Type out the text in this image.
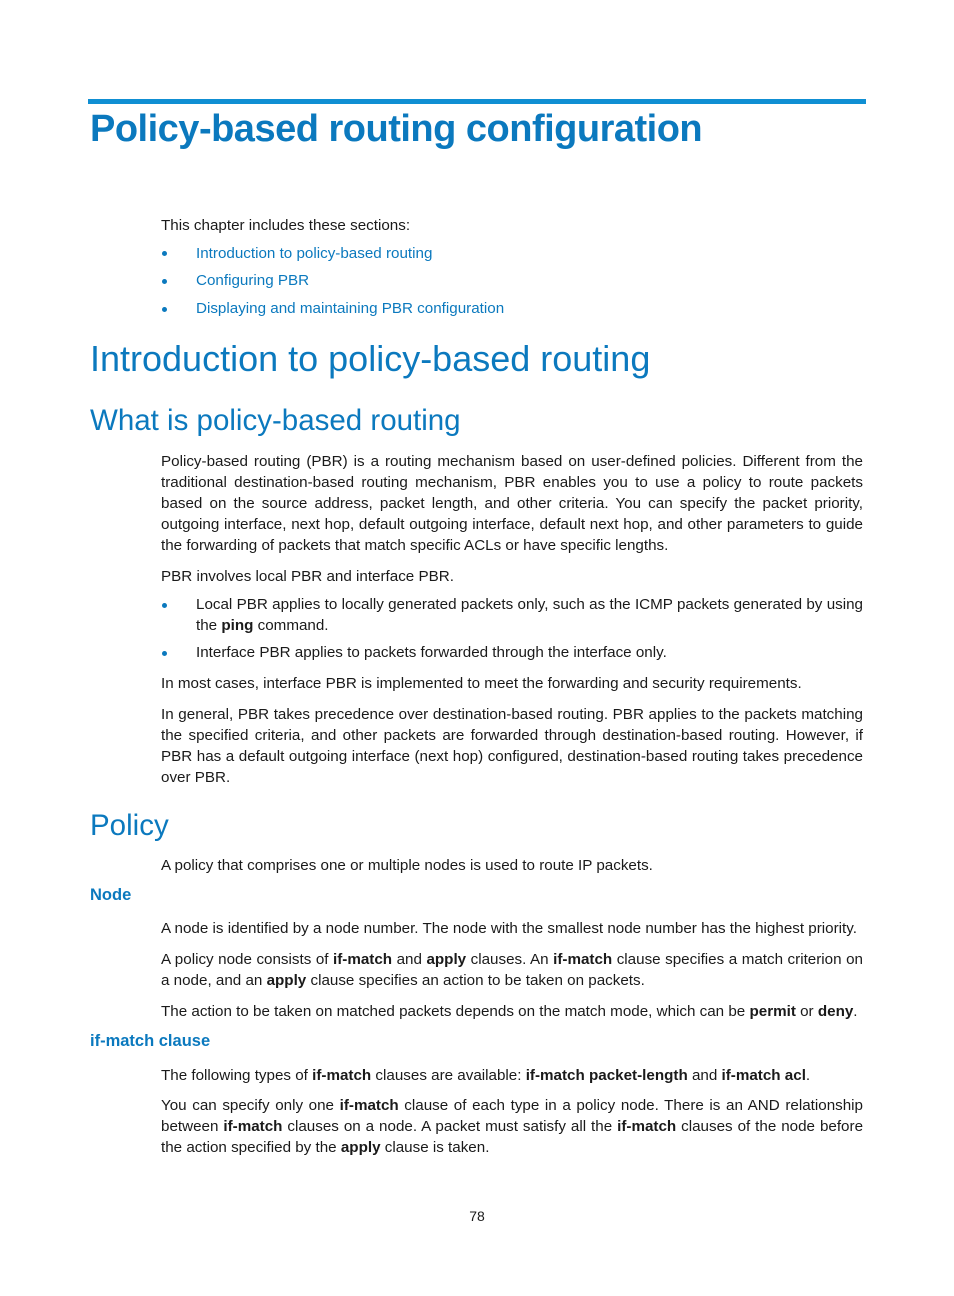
Policy-based routing configuration

This chapter includes these sections:

Introduction to policy-based routing

Configuring PBR

Displaying and maintaining PBR configuration

Introduction to policy-based routing
What is policy-based routing

Policy-based routing (PBR) is a routing mechanism based on user-defined policies. Different from the traditional destination-based routing mechanism, PBR enables you to use a policy to route packets based on the source address, packet length, and other criteria. You can specify the packet priority, outgoing interface, next hop, default outgoing interface, default next hop, and other parameters to guide the forwarding of packets that match specific ACLs or have specific lengths.

PBR involves local PBR and interface PBR.

Local PBR applies to locally generated packets only, such as the ICMP packets generated by using the ping command.

Interface PBR applies to packets forwarded through the interface only.

In most cases, interface PBR is implemented to meet the forwarding and security requirements.

In general, PBR takes precedence over destination-based routing. PBR applies to the packets matching the specified criteria, and other packets are forwarded through destination-based routing. However, if PBR has a default outgoing interface (next hop) configured, destination-based routing takes precedence over PBR.

Policy

A policy that comprises one or multiple nodes is used to route IP packets.

Node

A node is identified by a node number. The node with the smallest node number has the highest priority.

A policy node consists of if-match and apply clauses. An if-match clause specifies a match criterion on a node, and an apply clause specifies an action to be taken on packets.

The action to be taken on matched packets depends on the match mode, which can be permit or deny.

if-match clause

The following types of if-match clauses are available: if-match packet-length and if-match acl.

You can specify only one if-match clause of each type in a policy node. There is an AND relationship between if-match clauses on a node. A packet must satisfy all the if-match clauses of the node before the action specified by the apply clause is taken.

78
